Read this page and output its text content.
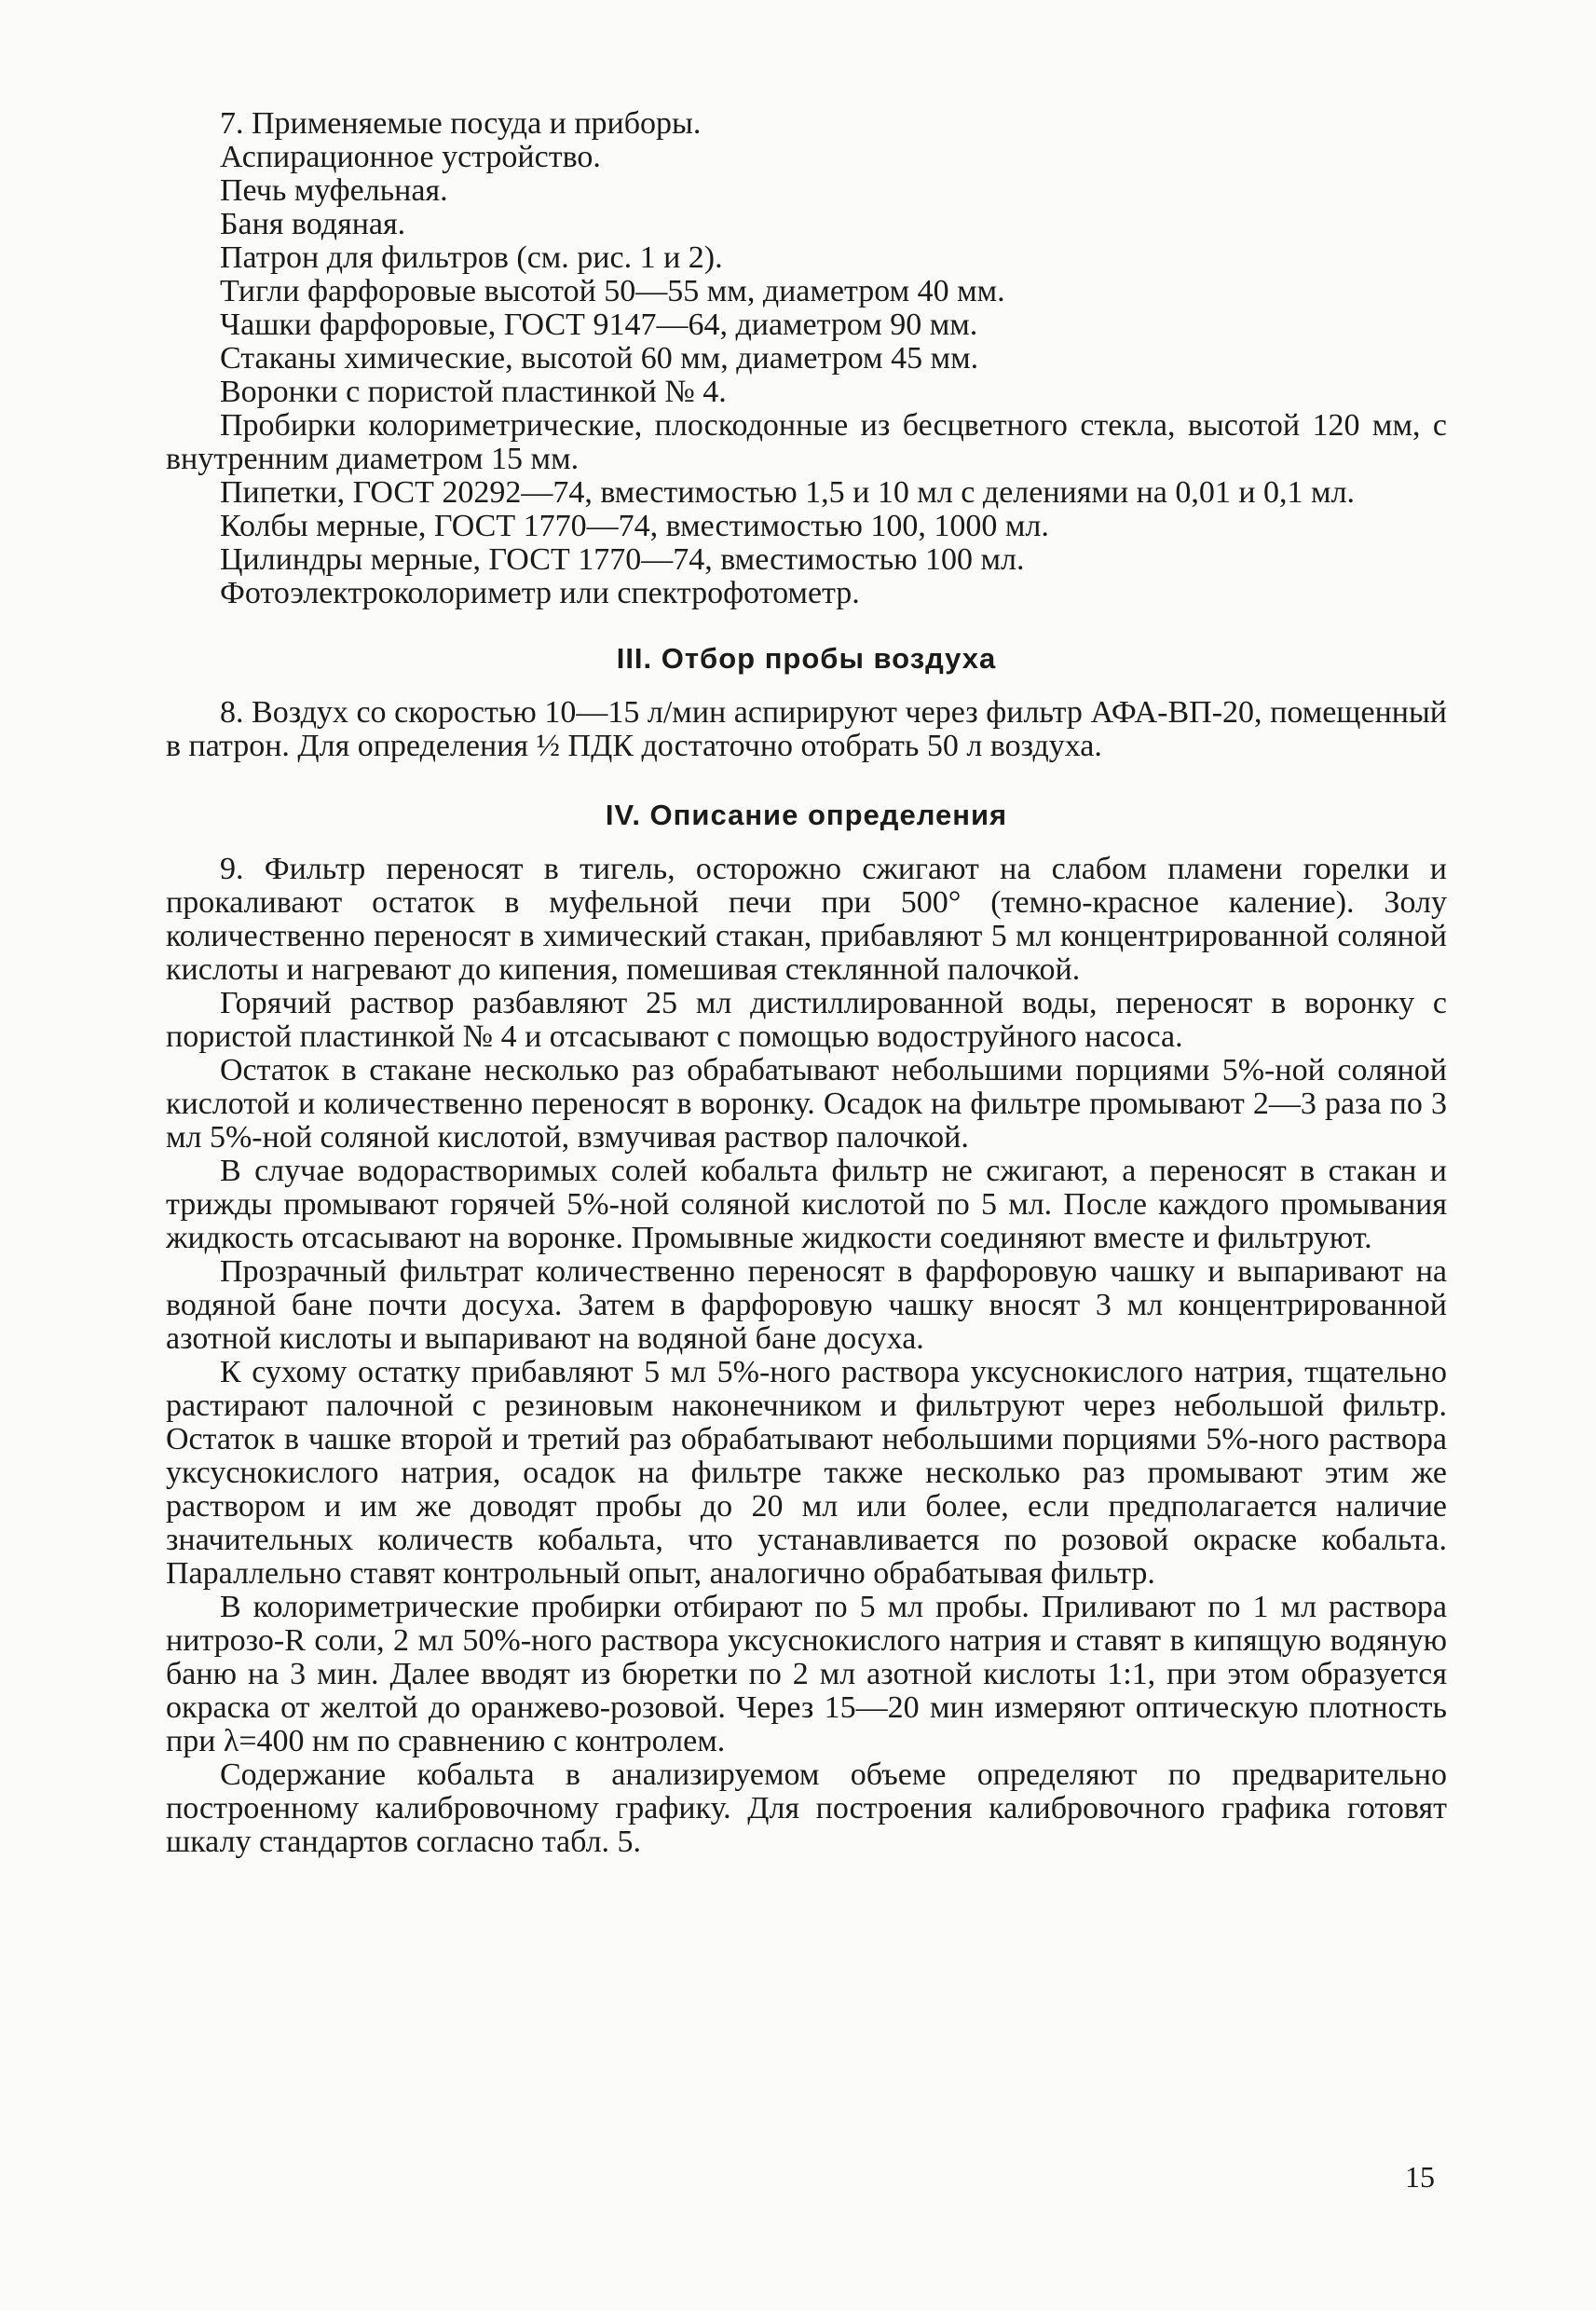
7. Применяемые посуда и приборы.
Аспирационное устройство.
Печь муфельная.
Баня водяная.
Патрон для фильтров (см. рис. 1 и 2).
Тигли фарфоровые высотой 50—55 мм, диаметром 40 мм.
Чашки фарфоровые, ГОСТ 9147—64, диаметром 90 мм.
Стаканы химические, высотой 60 мм, диаметром 45 мм.
Воронки с пористой пластинкой № 4.

Пробирки колориметрические, плоскодонные из бесцветного стекла, высотой 120 мм, с внутренним диаметром 15 мм.

Пипетки, ГОСТ 20292—74, вместимостью 1,5 и 10 мл с делениями на 0,01 и 0,1 мл.

Колбы мерные, ГОСТ 1770—74, вместимостью 100, 1000 мл.

Цилиндры мерные, ГОСТ 1770—74, вместимостью 100 мл.

Фотоэлектроколориметр или спектрофотометр.

III. Отбор пробы воздуха

8. Воздух со скоростью 10—15 л/мин аспирируют через фильтр АФА-ВП-20, помещенный в патрон. Для определения ½ ПДК достаточно отобрать 50 л воздуха.

IV. Описание определения

9. Фильтр переносят в тигель, осторожно сжигают на слабом пламени горелки и прокаливают остаток в муфельной печи при 500° (темно-красное каление). Золу количественно переносят в химический стакан, прибавляют 5 мл концентрированной соляной кислоты и нагревают до кипения, помешивая стеклянной палочкой.

Горячий раствор разбавляют 25 мл дистиллированной воды, переносят в воронку с пористой пластинкой № 4 и отсасывают с помощью водоструйного насоса.

Остаток в стакане несколько раз обрабатывают небольшими порциями 5%-ной соляной кислотой и количественно переносят в воронку. Осадок на фильтре промывают 2—3 раза по 3 мл 5%-ной соляной кислотой, взмучивая раствор палочкой.

В случае водорастворимых солей кобальта фильтр не сжигают, а переносят в стакан и трижды промывают горячей 5%-ной соляной кислотой по 5 мл. После каждого промывания жидкость отсасывают на воронке. Промывные жидкости соединяют вместе и фильтруют.

Прозрачный фильтрат количественно переносят в фарфоровую чашку и выпаривают на водяной бане почти досуха. Затем в фарфоровую чашку вносят 3 мл концентрированной азотной кислоты и выпаривают на водяной бане досуха.

К сухому остатку прибавляют 5 мл 5%-ного раствора уксуснокислого натрия, тщательно растирают палочной с резиновым наконечником и фильтруют через небольшой фильтр. Остаток в чашке второй и третий раз обрабатывают небольшими порциями 5%-ного раствора уксуснокислого натрия, осадок на фильтре также несколько раз промывают этим же раствором и им же доводят пробы до 20 мл или более, если предполагается наличие значительных количеств кобальта, что устанавливается по розовой окраске кобальта. Параллельно ставят контрольный опыт, аналогично обрабатывая фильтр.

В колориметрические пробирки отбирают по 5 мл пробы. Приливают по 1 мл раствора нитрозо-R соли, 2 мл 50%-ного раствора уксуснокислого натрия и ставят в кипящую водяную баню на 3 мин. Далее вводят из бюретки по 2 мл азотной кислоты 1:1, при этом образуется окраска от желтой до оранжево-розовой. Через 15—20 мин измеряют оптическую плотность при λ=400 нм по сравнению с контролем.

Содержание кобальта в анализируемом объеме определяют по предварительно построенному калибровочному графику. Для построения калибровочного графика готовят шкалу стандартов согласно табл. 5.

15
